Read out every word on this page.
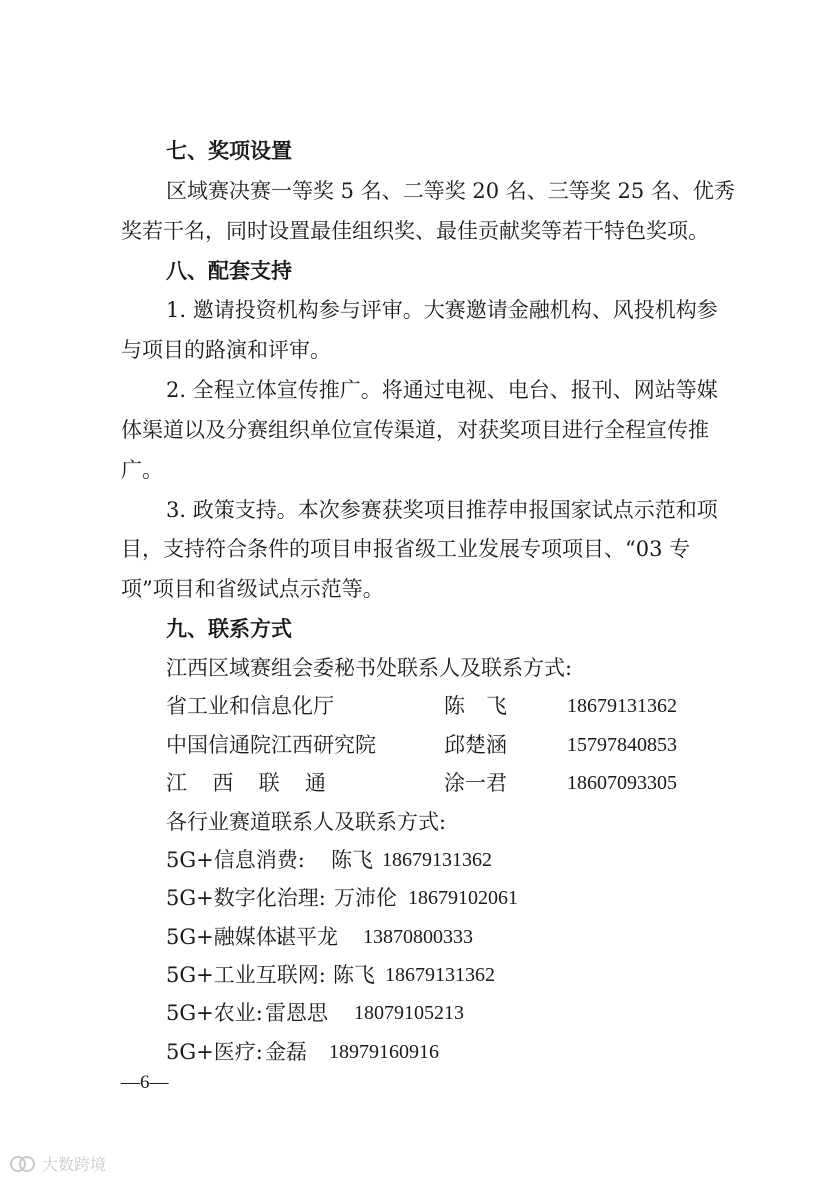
七、奖项设置
区域赛决赛一等奖 5 名、二等奖 20 名、三等奖 25 名、优秀
奖若干名，同时设置最佳组织奖、最佳贡献奖等若干特色奖项。
八、配套支持
1. 邀请投资机构参与评审。大赛邀请金融机构、风投机构参
与项目的路演和评审。
2. 全程立体宣传推广。将通过电视、电台、报刊、网站等媒
体渠道以及分赛组织单位宣传渠道，对获奖项目进行全程宣传推
广。
3. 政策支持。本次参赛获奖项目推荐申报国家试点示范和项
目，支持符合条件的项目申报省级工业发展专项项目、“03 专
项”项目和省级试点示范等。
九、联系方式
江西区域赛组会委秘书处联系人及联系方式:
省工业和信息化厅	陈　飞	18679131362
中国信通院江西研究院	邱楚涵	15797840853
江 西 联 通	涂一君	18607093305
各行业赛道联系人及联系方式:
5G+信息消费: 陈飞 18679131362
5G+数字化治理: 万沛伦 18679102061
5G+融媒体:
谌平龙 13870800333
5G+工业互联网: 陈飞 18679131362
5G+农业: 雷恩思 18079105213
5G+医疗: 金磊 18979160916
—6—
大数跨境
